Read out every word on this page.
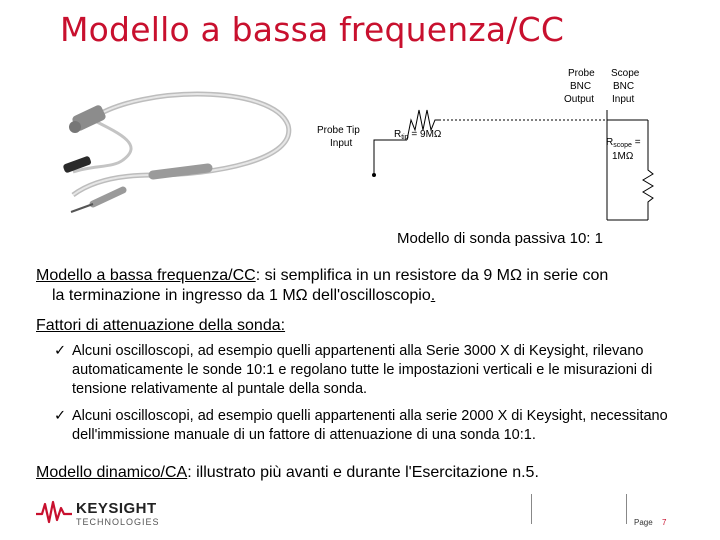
Modello a bassa frequenza/CC
Probe
BNC
Output
Scope
BNC
Input
Probe Tip
Input
$R_{tip} = 9M\Omega$
$R_{scope}$ =
1MΩ
Modello di sonda passiva 10: 1
Modello a bassa frequenza/CC: si semplifica in un resistore da 9 MΩ in serie con
la terminazione in ingresso da 1 MΩ dell'oscilloscopio.
Fattori di attenuazione della sonda:
✓ Alcuni oscilloscopi, ad esempio quelli appartenenti alla Serie 3000 X di Keysight, rilevano automaticamente le sonde 10:1 e regolano tutte le impostazioni verticali e le misurazioni di tensione relativamente al puntale della sonda.
✓ Alcuni oscilloscopi, ad esempio quelli appartenenti alla serie 2000 X di Keysight, necessitano dell'immissione manuale di un fattore di attenuazione di una sonda 10:1.
Modello dinamico/CA: illustrato più avanti e durante l'Esercitazione n.5.
KEYSIGHT
TECHNOLOGIES	Page 7
